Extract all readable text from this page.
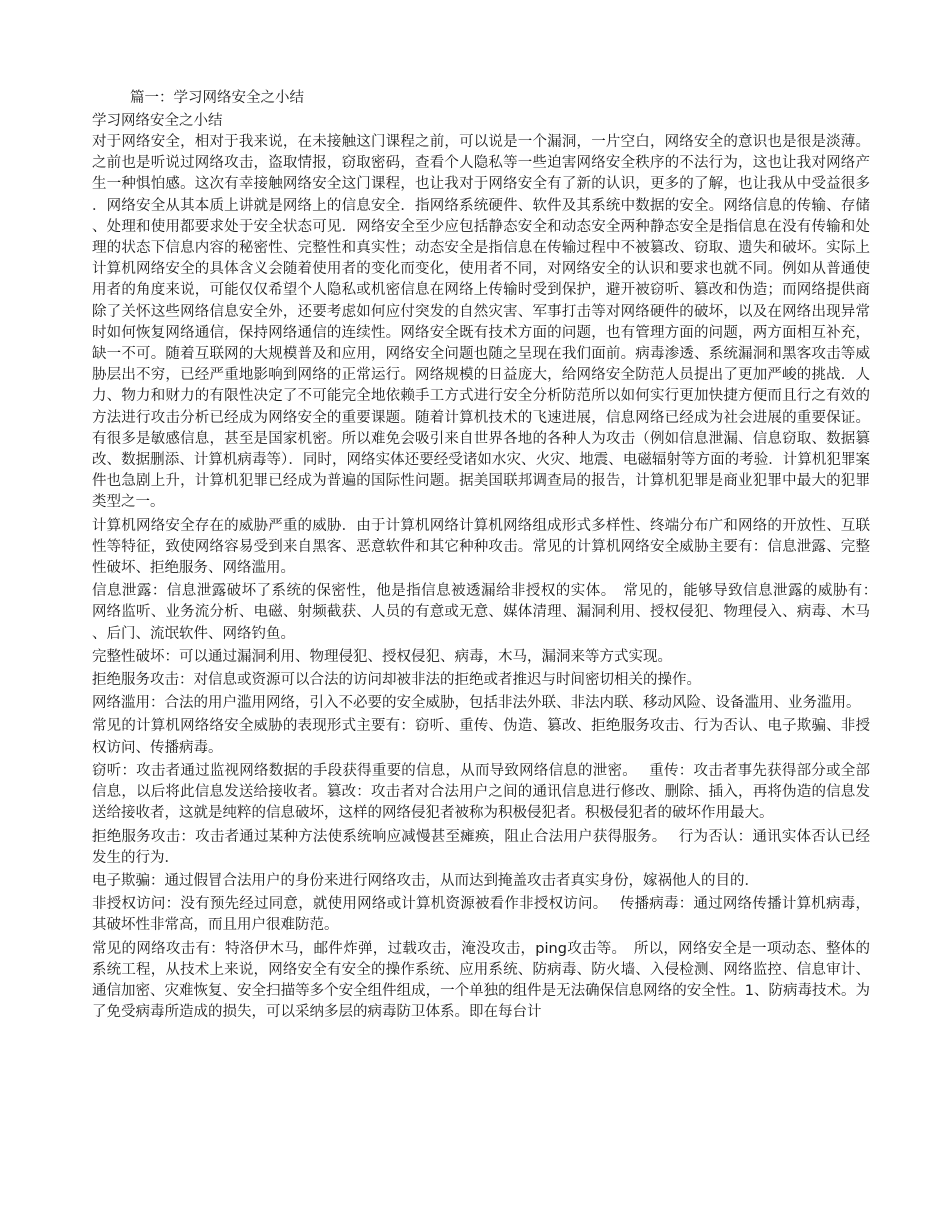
篇一：学习网络安全之小结

学习网络安全之小结

对于网络安全，相对于我来说，在未接触这门课程之前，可以说是一个漏洞，一片空白，网络安全的意识也是很是淡薄。之前也是听说过网络攻击，盗取情报，窃取密码，查看个人隐私等一些迫害网络安全秩序的不法行为，这也让我对网络产生一种惧怕感。这次有幸接触网络安全这门课程，也让我对于网络安全有了新的认识，更多的了解，也让我从中受益很多．网络安全从其本质上讲就是网络上的信息安全．指网络系统硬件、软件及其系统中数据的安全。网络信息的传输、存储、处理和使用都要求处于安全状态可见．网络安全至少应包括静态安全和动态安全两种静态安全是指信息在没有传输和处理的状态下信息内容的秘密性、完整性和真实性；动态安全是指信息在传输过程中不被篡改、窃取、遗失和破坏。实际上计算机网络安全的具体含义会随着使用者的变化而变化，使用者不同，对网络安全的认识和要求也就不同。例如从普通使用者的角度来说，可能仅仅希望个人隐私或机密信息在网络上传输时受到保护，避开被窃听、篡改和伪造；而网络提供商除了关怀这些网络信息安全外，还要考虑如何应付突发的自然灾害、军事打击等对网络硬件的破坏，以及在网络出现异常时如何恢复网络通信，保持网络通信的连续性。网络安全既有技术方面的问题，也有管理方面的问题，两方面相互补充，缺一不可。随着互联网的大规模普及和应用，网络安全问题也随之呈现在我们面前。病毒渗透、系统漏洞和黑客攻击等威胁层出不穷，已经严重地影响到网络的正常运行。网络规模的日益庞大，给网络安全防范人员提出了更加严峻的挑战．人力、物力和财力的有限性决定了不可能完全地依赖手工方式进行安全分析防范所以如何实行更加快捷方便而且行之有效的方法进行攻击分析已经成为网络安全的重要课题。随着计算机技术的飞速进展，信息网络已经成为社会进展的重要保证。有很多是敏感信息，甚至是国家机密。所以难免会吸引来自世界各地的各种人为攻击（例如信息泄漏、信息窃取、数据篡改、数据删添、计算机病毒等）．同时，网络实体还要经受诸如水灾、火灾、地震、电磁辐射等方面的考验．计算机犯罪案件也急剧上升，计算机犯罪已经成为普遍的国际性问题。据美国联邦调查局的报告，计算机犯罪是商业犯罪中最大的犯罪类型之一。

计算机网络安全存在的威胁严重的威胁．由于计算机网络计算机网络组成形式多样性、终端分布广和网络的开放性、互联性等特征，致使网络容易受到来自黑客、恶意软件和其它种种攻击。常见的计算机网络安全威胁主要有：信息泄露、完整性破坏、拒绝服务、网络滥用。

信息泄露：信息泄露破坏了系统的保密性，他是指信息被透漏给非授权的实体。　常见的，能够导致信息泄露的威胁有：　网络监听、业务流分析、电磁、射频截获、人员的有意或无意、媒体清理、漏洞利用、授权侵犯、物理侵入、病毒、木马、后门、流氓软件、网络钓鱼。

完整性破坏：可以通过漏洞利用、物理侵犯、授权侵犯、病毒，木马，漏洞来等方式实现。

拒绝服务攻击：对信息或资源可以合法的访问却被非法的拒绝或者推迟与时间密切相关的操作。

网络滥用：合法的用户滥用网络，引入不必要的安全威胁，包括非法外联、非法内联、移动风险、设备滥用、业务滥用。

常见的计算机网络络安全威胁的表现形式主要有：窃听、重传、伪造、篡改、拒绝服务攻击、行为否认、电子欺骗、非授权访问、传播病毒。

窃听：攻击者通过监视网络数据的手段获得重要的信息，从而导致网络信息的泄密。　 重传：攻击者事先获得部分或全部信息，以后将此信息发送给接收者。篡改：攻击者对合法用户之间的通讯信息进行修改、删除、插入，再将伪造的信息发送给接收者，这就是纯粹的信息破坏，这样的网络侵犯者被称为积极侵犯者。积极侵犯者的破坏作用最大。

拒绝服务攻击：攻击者通过某种方法使系统响应减慢甚至瘫痪，阻止合法用户获得服务。　 行为否认：通讯实体否认已经发生的行为．

电子欺骗：通过假冒合法用户的身份来进行网络攻击，从而达到掩盖攻击者真实身份，嫁祸他人的目的．

非授权访问：没有预先经过同意，就使用网络或计算机资源被看作非授权访问。　 传播病毒：通过网络传播计算机病毒，其破坏性非常高，而且用户很难防范。

常见的网络攻击有：特洛伊木马，邮件炸弹，过载攻击，淹没攻击，ping攻击等。　所以，网络安全是一项动态、整体的系统工程，从技术上来说，网络安全有安全的操作系统、应用系统、防病毒、防火墙、入侵检测、网络监控、信息审计、通信加密、灾难恢复、安全扫描等多个安全组件组成，一个单独的组件是无法确保信息网络的安全性。1、防病毒技术。为了免受病毒所造成的损失，可以采纳多层的病毒防卫体系。即在每台计
